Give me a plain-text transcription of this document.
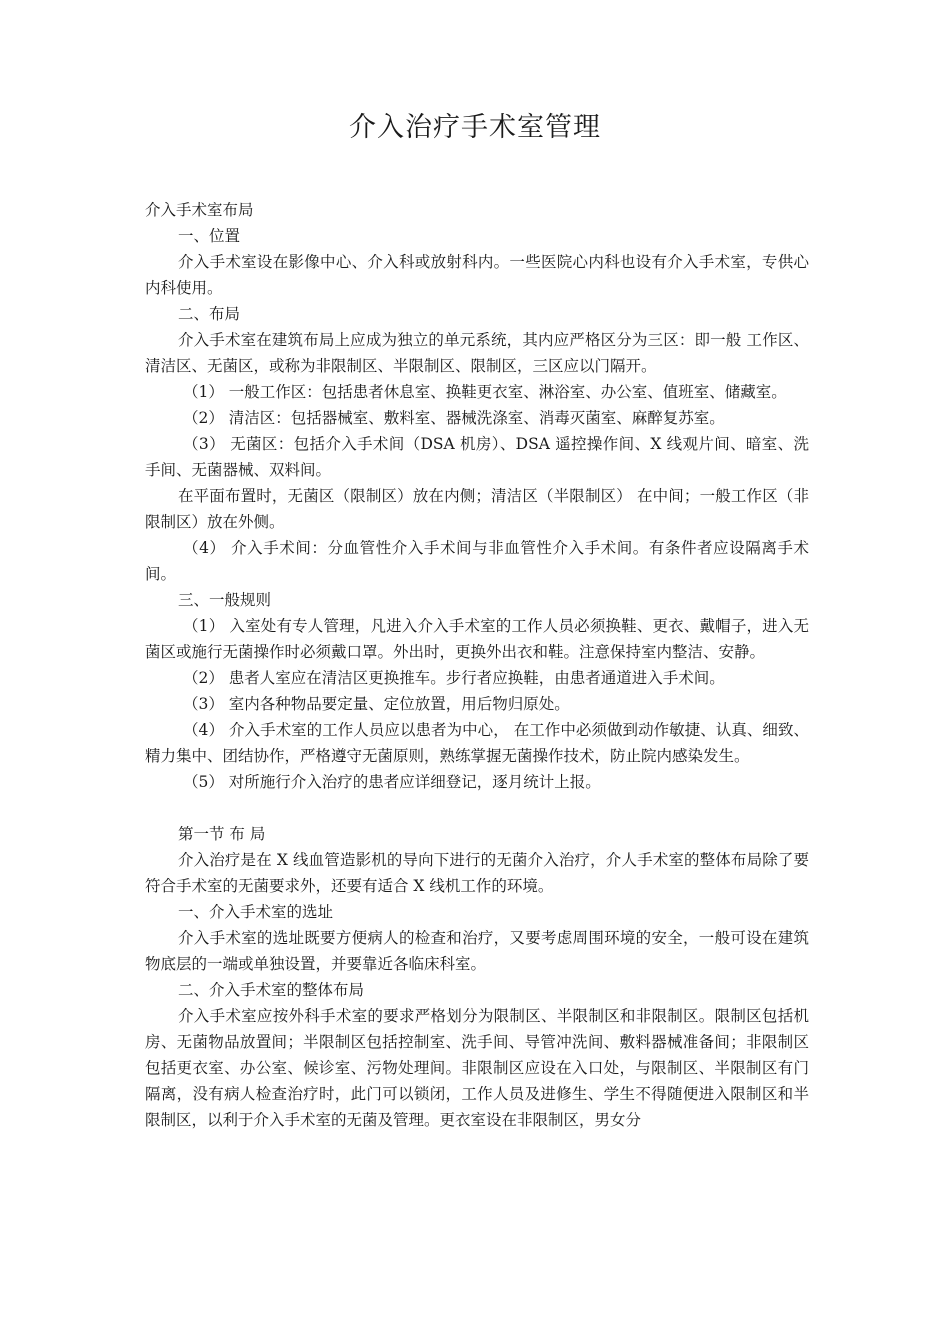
介入治疗手术室管理

介入手术室布局

一、位置

介入手术室设在影像中心、介入科或放射科内。一些医院心内科也设有介入手术室，专供心内科使用。

二、布局

介入手术室在建筑布局上应成为独立的单元系统，其内应严格区分为三区：即一般 工作区、清洁区、无菌区，或称为非限制区、半限制区、限制区，三区应以门隔开。

（1） 一般工作区：包括患者休息室、换鞋更衣室、淋浴室、办公室、值班室、储藏室。

（2） 清洁区：包括器械室、敷料室、器械洗涤室、消毒灭菌室、麻醉复苏室。

（3） 无菌区：包括介入手术间（DSA 机房）、DSA 遥控操作间、X 线观片间、暗室、洗手间、无菌器械、双料间。

在平面布置时，无菌区（限制区）放在内侧；清洁区（半限制区） 在中间；一般工作区（非限制区）放在外侧。

（4） 介入手术间：分血管性介入手术间与非血管性介入手术间。有条件者应设隔离手术间。

三、一般规则

（1） 入室处有专人管理，凡进入介入手术室的工作人员必须换鞋、更衣、戴帽子，进入无菌区或施行无菌操作时必须戴口罩。外出时，更换外出衣和鞋。注意保持室内整洁、安静。

（2） 患者人室应在清洁区更换推车。步行者应换鞋，由患者通道进入手术间。

（3） 室内各种物品要定量、定位放置，用后物归原处。

（4） 介入手术室的工作人员应以患者为中心， 在工作中必须做到动作敏捷、认真、细致、精力集中、团结协作，严格遵守无菌原则，熟练掌握无菌操作技术，防止院内感染发生。

（5） 对所施行介入治疗的患者应详细登记，逐月统计上报。

第一节 布 局

介入治疗是在 X 线血管造影机的导向下进行的无菌介入治疗，介人手术室的整体布局除了要符合手术室的无菌要求外，还要有适合 X 线机工作的环境。

一、介入手术室的选址

介入手术室的选址既要方便病人的检查和治疗，又要考虑周围环境的安全，一般可设在建筑物底层的一端或单独设置，并要靠近各临床科室。

二、介入手术室的整体布局

介入手术室应按外科手术室的要求严格划分为限制区、半限制区和非限制区。限制区包括机房、无菌物品放置间；半限制区包括控制室、洗手间、导管冲洗间、敷料器械准备间；非限制区包括更衣室、办公室、候诊室、污物处理间。非限制区应设在入口处，与限制区、半限制区有门隔离，没有病人检查治疗时，此门可以锁闭，工作人员及进修生、学生不得随便进入限制区和半限制区，以利于介入手术室的无菌及管理。更衣室设在非限制区，男女分
